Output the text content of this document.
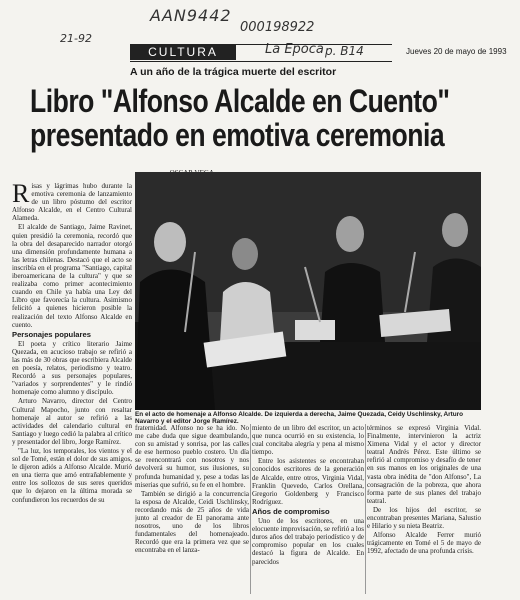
AAN9442
21-92
000198922
La Epoca p. B14
CULTURA	Jueves 20 de mayo de 1993
A un año de la trágica muerte del escritor
Libro "Alfonso Alcalde en Cuento"
presentado en emotiva ceremonia

Risas y lágrimas hubo durante la emotiva ceremonia de lanzamiento de un libro póstumo del escritor Alfonso Alcalde, en el Centro Cultural Alameda.

El alcalde de Santiago, Jaime Ravinet, quien presidió la ceremonia, recordó que la obra del desaparecido narrador otorgó una dimensión profundamente humana a las letras chilenas. Destacó que el acto se inscribía en el programa "Santiago, capital iberoamericana de la cultura" y que se realizaba como primer acontecimiento cuando en Chile ya había una Ley del Libro que favorecía la cultura. Asimismo felicitó a quienes hicieron posible la realización del texto Alfonso Alcalde en cuento.

Personajes populares

El poeta y crítico literario Jaime Quezada, en acucioso trabajo se refirió a las más de 30 obras que escribiera Alcalde en poesía, relatos, periodismo y teatro. Recordó a sus personajes populares, "variados y sorprendentes" y le rindió homenaje como alumno y discípulo.

Arturo Navarro, director del Centro Cultural Mapocho, junto con resaltar homenaje al autor se refirió a las actividades del calendario cultural en Santiago y luego cedió la palabra al crítico y presentador del libro, Jorge Ramírez.

"La luz, los temporales, los vientos y el sol de Tomé, están el dolor de sus amigos, le dijeron adiós a Alfonso Alcalde. Murió en una tierra que amó entrañablemente y entre los sollozos de sus seres queridos que lo dejaron en la última morada se confundieron los recuerdos de su

En el acto de homenaje a Alfonso Alcalde. De izquierda a derecha, Jaime Quezada, Ceidy Uschlinsky, Arturo Navarro y el editor Jorge Ramírez.

fraternidad. Alfonso no se ha ido. No me cabe duda que sigue deambulando, con su amistad y sonrisa, por las calles de ese hermoso pueblo costero. Un día se reencontrará con nosotros y nos devolverá su humor, sus ilusiones, su profunda humanidad y, pese a todas las miserias que sufrió, su fe en el hombre.

También se dirigió a la concurrencia la esposa de Alcalde, Ceidi Uschlinsky, recordando más de 25 años de vida junto al creador de El panorama ante nosotros, uno de los libros fundamentales del homenajeado. Recordó que era la primera vez que se encontraba en el lanza-

miento de un libro del escritor, un acto que nunca ocurrió en su existencia, lo cual concitaba alegría y pena al mismo tiempo.

Entre los asistentes se encontraban conocidos escritores de la generación de Alcalde, entre otros, Virginia Vidal, Franklin Quevedo, Carlos Orellana, Gregorio Goldenberg y Francisco Rodríguez.

Años de compromiso

Uno de los escritores, en una elocuente improvisación, se refirió a los duros años del trabajo periodístico y de compromiso popular en los cuales destacó la figura de Alcalde. En parecidos

términos se expresó Virginia Vidal. Finalmente, intervinieron la actriz Ximena Vidal y el actor y director teatral Andrés Pérez. Este último se refirió al compromiso y desafío de tener en sus manos en los originales de una vasta obra inédita de "don Alfonso", La consagración de la pobreza, que ahora forma parte de sus planes del trabajo teatral.

De los hijos del escritor, se encontraban presentes Mariana, Salustio e Hilario y su nieta Beatriz.

Alfonso Alcalde Ferrer murió trágicamente en Tomé el 5 de mayo de 1992, afectado de una profunda crisis.
